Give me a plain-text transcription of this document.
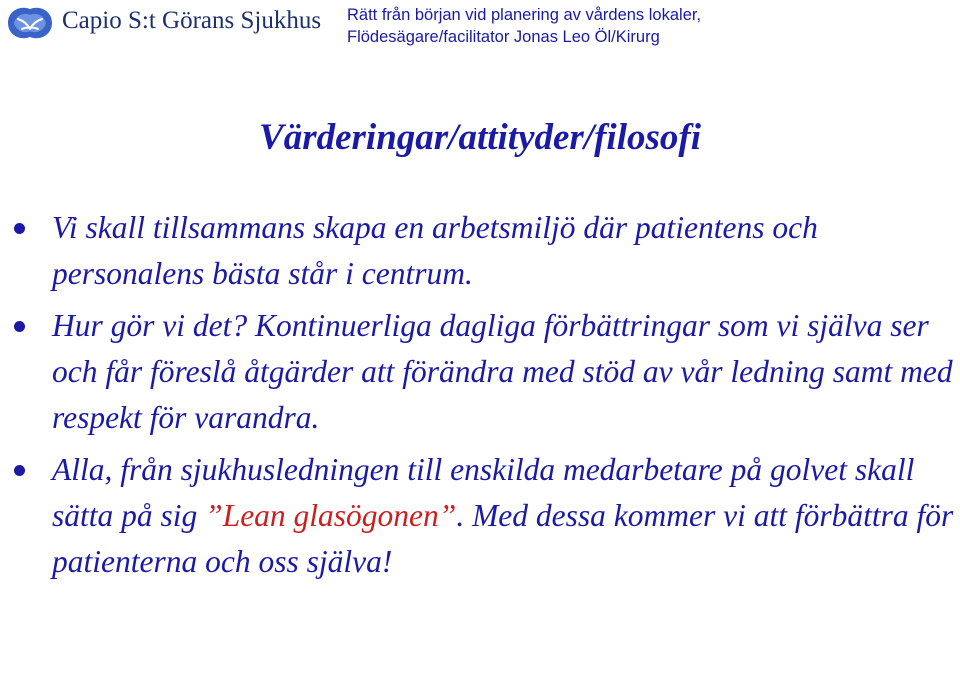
Capio S:t Görans Sjukhus Rätt från början vid planering av vårdens lokaler,
Flödesägare/facilitator Jonas Leo Öl/Kirurg
Värderingar/attityder/filosofi
Vi skall tillsammans skapa en arbetsmiljö där patientens och personalens bästa står i centrum.
Hur gör vi det? Kontinuerliga dagliga förbättringar som vi själva ser och får föreslå åtgärder att förändra med stöd av vår ledning samt med respekt för varandra.
Alla, från sjukhusledningen till enskilda medarbetare på golvet skall sätta på sig ”Lean glasögonen”. Med dessa kommer vi att förbättra för patienterna och oss själva!
